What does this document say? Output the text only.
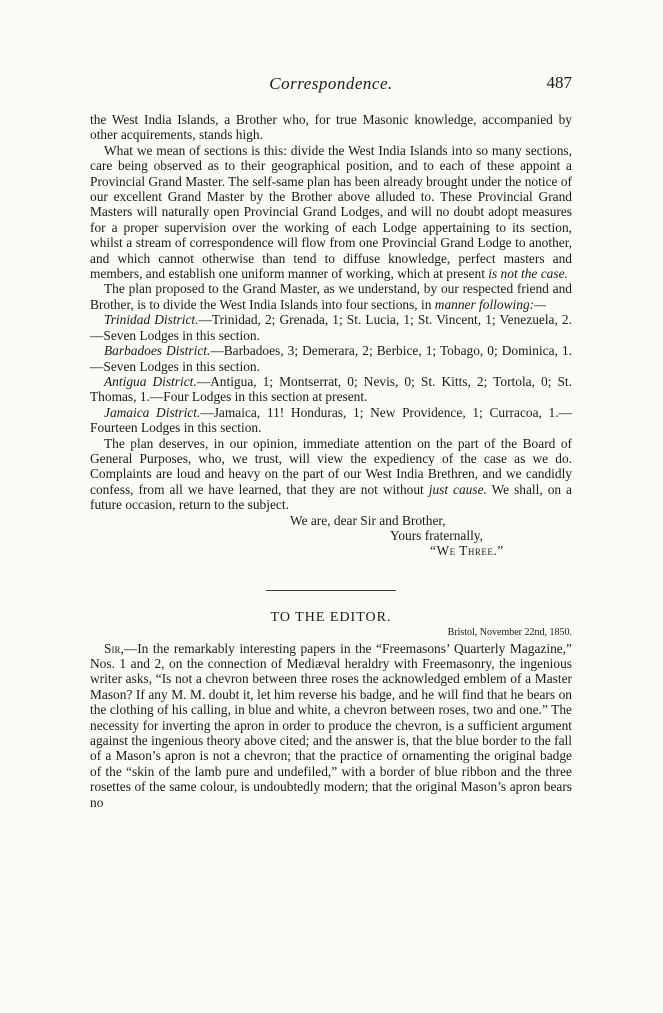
Correspondence.	487

the West India Islands, a Brother who, for true Masonic knowledge, accompanied by other acquirements, stands high.

What we mean of sections is this: divide the West India Islands into so many sections, care being observed as to their geographical position, and to each of these appoint a Provincial Grand Master. The self-same plan has been already brought under the notice of our excellent Grand Master by the Brother above alluded to. These Provincial Grand Masters will naturally open Provincial Grand Lodges, and will no doubt adopt measures for a proper supervision over the working of each Lodge appertaining to its section, whilst a stream of correspondence will flow from one Provincial Grand Lodge to another, and which cannot otherwise than tend to diffuse knowledge, perfect masters and members, and establish one uniform manner of working, which at present is not the case.

The plan proposed to the Grand Master, as we understand, by our respected friend and Brother, is to divide the West India Islands into four sections, in manner following:—

Trinidad District.—Trinidad, 2; Grenada, 1; St. Lucia, 1; St. Vincent, 1; Venezuela, 2.—Seven Lodges in this section.

Barbadoes District.—Barbadoes, 3; Demerara, 2; Berbice, 1; Tobago, 0; Dominica, 1.—Seven Lodges in this section.

Antigua District.—Antigua, 1; Montserrat, 0; Nevis, 0; St. Kitts, 2; Tortola, 0; St. Thomas, 1.—Four Lodges in this section at present.

Jamaica District.—Jamaica, 11! Honduras, 1; New Providence, 1; Curracoa, 1.—Fourteen Lodges in this section.

The plan deserves, in our opinion, immediate attention on the part of the Board of General Purposes, who, we trust, will view the expediency of the case as we do. Complaints are loud and heavy on the part of our West India Brethren, and we candidly confess, from all we have learned, that they are not without just cause. We shall, on a future occasion, return to the subject.

We are, dear Sir and Brother,

Yours fraternally,

“We Three.”

TO THE EDITOR.

Bristol, November 22nd, 1850.

Sir,—In the remarkably interesting papers in the “Freemasons’ Quarterly Magazine,” Nos. 1 and 2, on the connection of Mediæval heraldry with Freemasonry, the ingenious writer asks, “Is not a chevron between three roses the acknowledged emblem of a Master Mason? If any M. M. doubt it, let him reverse his badge, and he will find that he bears on the clothing of his calling, in blue and white, a chevron between roses, two and one.” The necessity for inverting the apron in order to produce the chevron, is a sufficient argument against the ingenious theory above cited; and the answer is, that the blue border to the fall of a Mason’s apron is not a chevron; that the practice of ornamenting the original badge of the “skin of the lamb pure and undefiled,” with a border of blue ribbon and the three rosettes of the same colour, is undoubtedly modern; that the original Mason’s apron bears no
